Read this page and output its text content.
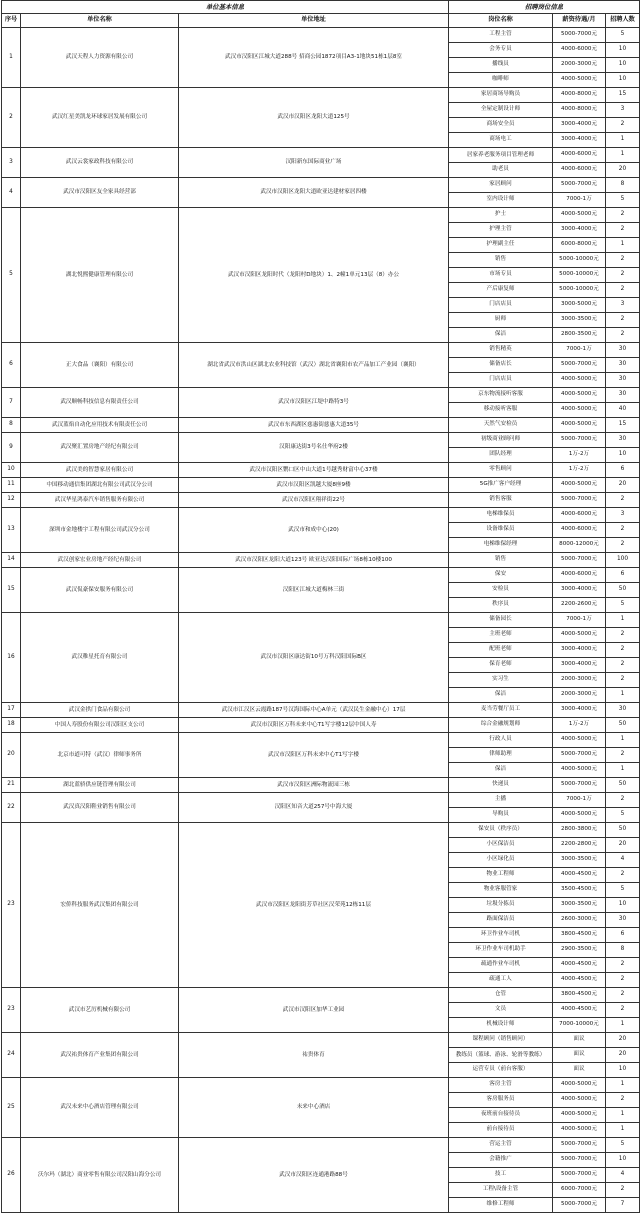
单位基本信息			招聘岗位信息		
序号	单位名称	单位地址	岗位名称	薪资待遇/月	招聘人数
1	武汉天程人力资源有限公司	武汉市汉阳区江城大道288号 招商公园1872项目A3-1地块51栋1层8室	工程主管	5000-7000元	5
			会务专员	4000-6000元	10
			播线员	2000-3000元	10
			咖啡师	4000-5000元	10
2	武汉红星美凯龙环球家居发展有限公司	武汉市汉阳区龙阳大道125号	家居商场导购员	4000-8000元	15
			全屋定制设计师	4000-8000元	3
			商场安全员	3000-4000元	2
			商场电工	3000-4000元	1
3	武汉云裳家政科技有限公司	汉阳新东国际商业广场	居家养老服务项目管理老师	4000-6000元	1
			助老员	4000-6000元	20
4	武汉市汉阳区友全家具经营部	武汉市汉阳区龙阳大道欧亚达建材家居四楼	家居顾问	5000-7000元	8
			室内设计师	7000-1万	5
5	湖北悦熙健康管理有限公司	武汉市汉阳区龙阳时代（龙阳村D地块）1、2幢1单元13层（8）办公	护士	4000-5000元	2
			护理主管	3000-4000元	2
			护理副主任	6000-8000元	1
			销售	5000-10000元	2
			市场专员	5000-10000元	2
			产后康复师	5000-10000元	2
			门店店员	3000-5000元	3
			厨师	3000-3500元	2
			保洁	2800-3500元	2
6	正大食品（襄阳）有限公司	湖北省武汉市洪山区湖北农业科技馆（武汉）湖北省襄阳市农产品加工产业园（襄阳）	销售精英	7000-1万	30
			储备店长	5000-7000元	30
			门店店员	4000-5000元	30
7	武汉顺畅科技信息有限责任公司	武汉市汉阳区江堤中路特3号	京东物流接听客服	4000-5000元	30
			移动接听客服	4000-5000元	40
8	武汉蓝焰自动化应用技术有限责任公司	武汉市东西湖区慈惠街慈惠大道35号	天然气安检员	4000-5000元	15
9	武汉聚汇置房地产经纪有限公司	汉阳康达街3号名仕华府2楼	初级商业顾问师	5000-7000元	30
			团队经理	1万-2万	10
10	武汉美的智慧家居有限公司	武汉市汉阳区鹦口区中山大道1号越秀财富中心37楼	零售顾问	1万-2万	6
11	中国移动通信集团湖北有限公司武汉分公司	武汉市汉阳区凯越大厦8座9楼	5G推广客户经理	4000-5000元	20
12	武汉华星鸿泰汽车销售服务有限公司	武汉市汉阳区翔祥街22号	销售客服	5000-7000元	2
13	深圳市金地楼宇工程有限公司武汉分公司	武汉市和成中心(20)	电梯维保员	4000-6000元	3
			设备维保员	4000-6000元	2
			电梯维保经理	8000-12000元	2
14	武汉创家宏业房地产经纪有限公司	武汉市汉阳区龙阳大道123号 欧亚达汉阳国际广场8栋10楼100	销售	5000-7000元	100
15	武汉侃豪保安服务有限公司	汉阳区江城大道梅林三街	保安	4000-6000元	6
			安检员	3000-4000元	50
			秩序员	2200-2600元	5
16	武汉稚星托育有限公司	武汉市汉阳区康达街10号万科汉阳国际B区	储备园长	7000-1万	1
			主班老师	4000-5000元	2
			配班老师	3000-4000元	2
			保育老师	3000-4000元	2
			实习生	2000-3000元	2
			保洁	2000-3000元	1
17	武汉金拱门食品有限公司	武汉市江汉区云霞路187号汉海国际中心A单元（武汉民生金融中心）17层	麦当劳餐厅员工	3000-4000元	30
18	中国人寿股份有限公司汉阳区支公司	武汉市汉阳区万科未来中心T1写字楼12层中国人寿	综合金融规划师	1万-2万	50
20	北京市道可特（武汉）律师事务所	武汉市汉阳区万科未来中心T1写字楼	行政人员	4000-5000元	1
			律师助理	5000-7000元	2
			保洁	4000-5000元	1
21	湖北蓝骄供应链管理有限公司	武汉市汉阳区洲际物流园三栋	快递员	5000-7000元	50
22	武汉真汉阳鞋业销售有限公司	汉阳区知音大道257号中海大厦	主播	7000-1万	2
			导购员	4000-5000元	5
23	宏侨科技服务武汉集团有限公司	武汉市汉阳区龙阳街芳草社区汉荣苑12栋11层	保安员（秩序员）	2800-3800元	50
			小区保洁员	2200-2800元	20
			小区绿化员	3000-3500元	4
			物业工程师	4000-4500元	2
			物业客服管家	3500-4500元	5
			垃圾分拣员	3000-3500元	10
			路面保洁员	2600-3000元	30
			环卫作业车司机	3800-4500元	6
			环卫作业车司机助手	2900-3500元	8
			疏通作业车司机	4000-4500元	2
			疏通工人	4000-4500元	2
23	武汉市艺厉机械有限公司	武汉市汉阳区加华工业园	仓管	3800-4500元	2
			文员	4000-4500元	2
			机械设计师	7000-10000元	1
24	武汉祐贵体育产业集团有限公司	祐贵体育	课程顾问（销售顾问）	面议	20
			教练员（篮球、游泳、轮滑等教练）	面议	20
			运营专员（前台客服）	面议	10
25	武汉未来中心酒店管理有限公司	未来中心酒店	客房主管	4000-5000元	1
			客房服务员	4000-5000元	2
			夜班前台接待员	4000-5000元	1
			前台接待员	4000-5000元	1
26	沃尔玛（湖北）商业零售有限公司汉阳山海分公司	武汉市汉阳区连通港路88号	营运主管	5000-7000元	5
			会籍推广	5000-7000元	10
			技工	5000-7000元	4
			工程\设备主管	6000-7000元	2
			维修工程师	5000-7000元	7
